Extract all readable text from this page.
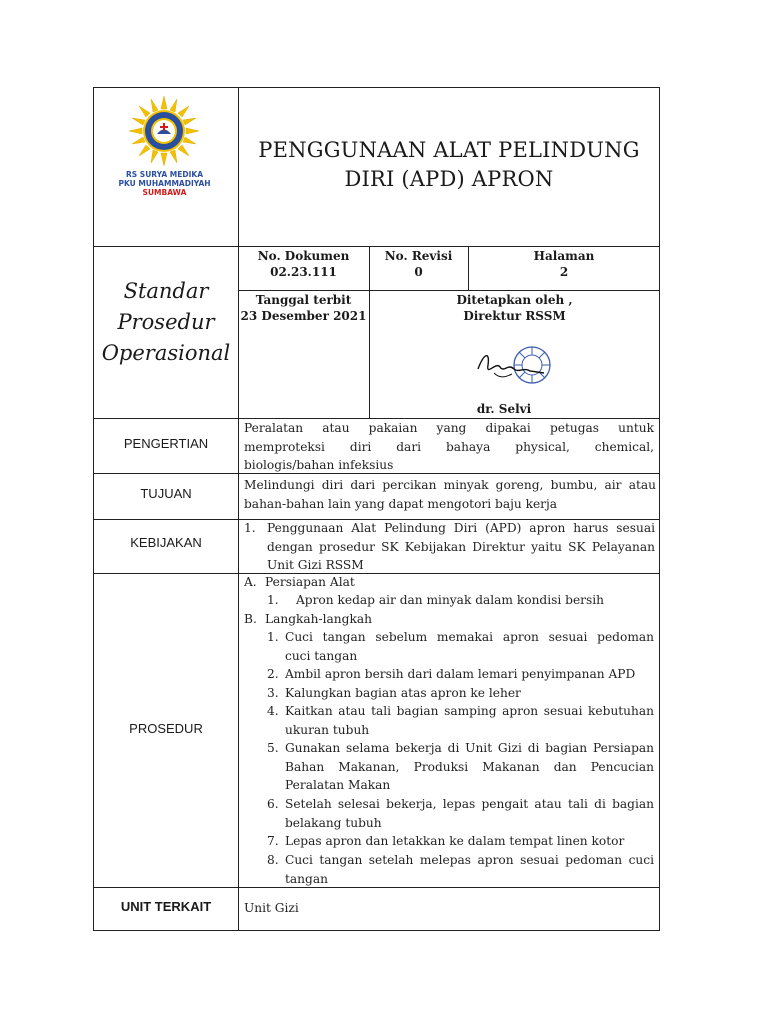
RS SURYA MEDIKA
PKU MUHAMMADIYAH
SUMBAWA
PENGGUNAAN ALAT PELINDUNG
DIRI (APD) APRON
Standar
Prosedur
Operasional
No. Dokumen
02.23.111
No. Revisi
0
Halaman
2
Tanggal terbit
23 Desember 2021
Ditetapkan oleh ,
Direktur RSSM
dr. Selvi
PENGERTIAN
Peralatan atau pakaian yang dipakai petugas untuk
memproteksi diri dari bahaya physical, chemical,
biologis/bahan infeksius
TUJUAN
Melindungi diri dari percikan minyak goreng, bumbu, air atau
bahan-bahan lain yang dapat mengotori baju kerja
KEBIJAKAN
1. Penggunaan Alat Pelindung Diri (APD) apron harus sesuai
dengan prosedur SK Kebijakan Direktur yaitu SK Pelayanan
Unit Gizi RSSM
PROSEDUR
A. Persiapan Alat
1. Apron kedap air dan minyak dalam kondisi bersih
B. Langkah-langkah
1. Cuci tangan sebelum memakai apron sesuai pedoman
cuci tangan
2. Ambil apron bersih dari dalam lemari penyimpanan APD
3. Kalungkan bagian atas apron ke leher
4. Kaitkan atau tali bagian samping apron sesuai kebutuhan
ukuran tubuh
5. Gunakan selama bekerja di Unit Gizi di bagian Persiapan
Bahan Makanan, Produksi Makanan dan Pencucian
Peralatan Makan
6. Setelah selesai bekerja, lepas pengait atau tali di bagian
belakang tubuh
7. Lepas apron dan letakkan ke dalam tempat linen kotor
8. Cuci tangan setelah melepas apron sesuai pedoman cuci
tangan
UNIT TERKAIT	Unit Gizi
